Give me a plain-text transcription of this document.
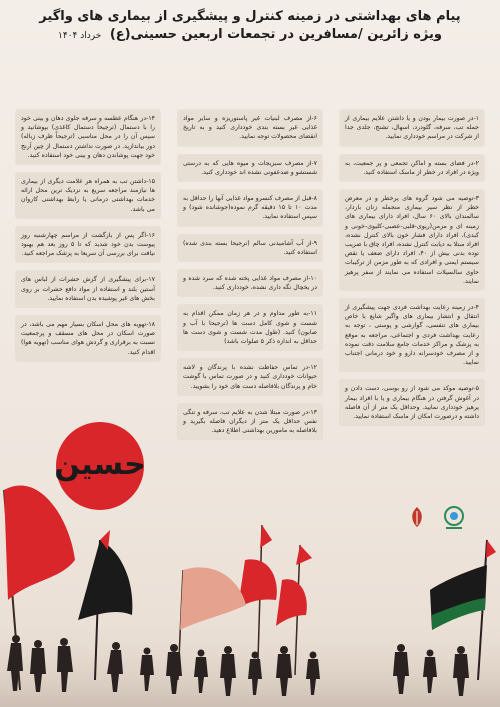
پیام های بهداشتی در زمینه کنترل و پیشگیری از بیماری های واگیر
ویژه زائرین /مسافرین در تجمعات اربعین حسینی(ع) خرداد ۱۴۰۴
۱-در صورت بیمار بودن و یا داشتن علایم بیماری از جمله تب، سرفه، گلودرد، اسهال، تشنج، جلدی جدا از شرکت در مراسم خودداری نمایید.
۲-در فضای بسته و اماکن تجمعی و پر جمعیت، به ویژه در افراد در خطر از ماسک استفاده کنید.
۳-توصیه می شود گروه های پرخطر و در معرض خطر از نظر سیر بیماری منجمله زنان باردار، سالمندان بالای ۶۰ سال، افراد دارای بیماری های زمینه ای و مزمن(ریوی-قلبی-عصبی-کلیوی-خونی و کبدی)، افراد دارای فشار خون بالای کنترل نشده، افراد مبتلا به دیابت کنترل نشده، افراد چاق با ضریب توده بدنی بیش از ۴۰، افراد دارای ضعف یا نقص سیستم ایمنی و افرادی که به طور مزمن از ترکیبات حاوی سالسیلات استفاده می نمایند از سفر پرهیز نمایند.
۴-در زمینه رعایت بهداشت فردی جهت پیشگیری از انتقال و انتشار بیماری های واگیر شایع یا خاص بیماری های تنفسی، گوارشی و پوستی ، توجه به رعایت بهداشت فردی و اجتماعی، مراجعه به موقع به پزشک و مراکز خدمات جامع سلامت دقت نموده و از مصرف خودسرانه دارو و خود درمانی اجتناب نمایید.
۵-توصیه موکد می شود از رو بوسی، دست دادن و در آغوش گرفتن در هنگام بیماری و یا با افراد بیمار پرهیز خودداری نمایید. وحداقل یک متر از آن فاصله داشته و درصورت امکان از ماسک استفاده نمایید.
۶-از مصرف لبنیات غیر پاستوریزه و سایر مواد غذایی غیر بسته بندی خودداری کنید و به تاریخ انقضای محصولات توجه نمایید.
۷-از مصرف سبزیجات و میوه هایی که به درستی شستشو و ضدعفونی نشده اند خودداری کنید.
۸-قبل از مصرف کنسرو مواد غذایی آنها را حداقل به مدت ۱۰ تا ۱۵ دقیقه گرم نموده(جوشانده شود) و سپس استفاده نمایید.
۹-از آب آشامیدنی سالم (ترجیحا بسته بندی شده) استفاده کنید.
۱۰-از مصرف مواد غذایی پخته شده که سرد شده و در یخچال نگه داری نشده، خودداری کنید.
۱۱-به طور مداوم و در هر زمان ممکن اقدام به شست و شوی کامل دست ها (ترجیحا با آب و صابون) کنید. (طول مدت شست و شوی دست ها حداقل به اندازه ذکر ۵ صلوات باشد)
۱۲-در تماس حفاظت نشده با پرندگان و لاشه حیوانات خودداری کنید و در صورت تماس با گوشت خام و پرندگان بلافاصله دست های خود را بشویید.
۱۳-در صورت مبتلا شدن به علایم تب، سرفه و تنگی نفس حداقل یک متر از دیگران فاصله بگیرید و بلافاصله به مامورین بهداشتی اطلاع دهید.
۱۴-در هنگام عطسه و سرفه جلوی دهان و بینی خود را با دستمال (ترجیحاً دستمال کاغذی) بپوشانید و سپس آن را در محل مناسبی (ترجیحاً ظرف زباله) دور بیاندازید. در صورت نداشتن دستمال از چین آرنج خود جهت پوشاندن دهان و بینی خود استفاده کنید.
۱۵-داشتن تب به همراه هر علامت دیگری از بیماری ها نیازمند مراجعه سریع به نزدیک ترین محل ارائه خدمات بهداشتی درمانی یا رابط بهداشتی کاروان می باشد.
۱۶-اگر پس از بازگشت از مراسم چهارشنبه روز پیوست بدن خود شدید که تا ۵ روز بعد هم بهبود نیافت برای بررسی آن سریعا به پزشک مراجعه کنید.
۱۷-برای پیشگیری از گزش حشرات از لباس های آستین بلند و استفاده از مواد دافع حشرات بر روی بخش های غیر پوشیده بدن استفاده نمایید.
۱۸-تهویه های محل اسکان بسیار مهم می باشد، در صورت اسکان در محل های مسقف و پرجمعیت نسبت به برقراری و گردش هوای مناسب (تهویه هوا) اقدام کنید.
حسين
